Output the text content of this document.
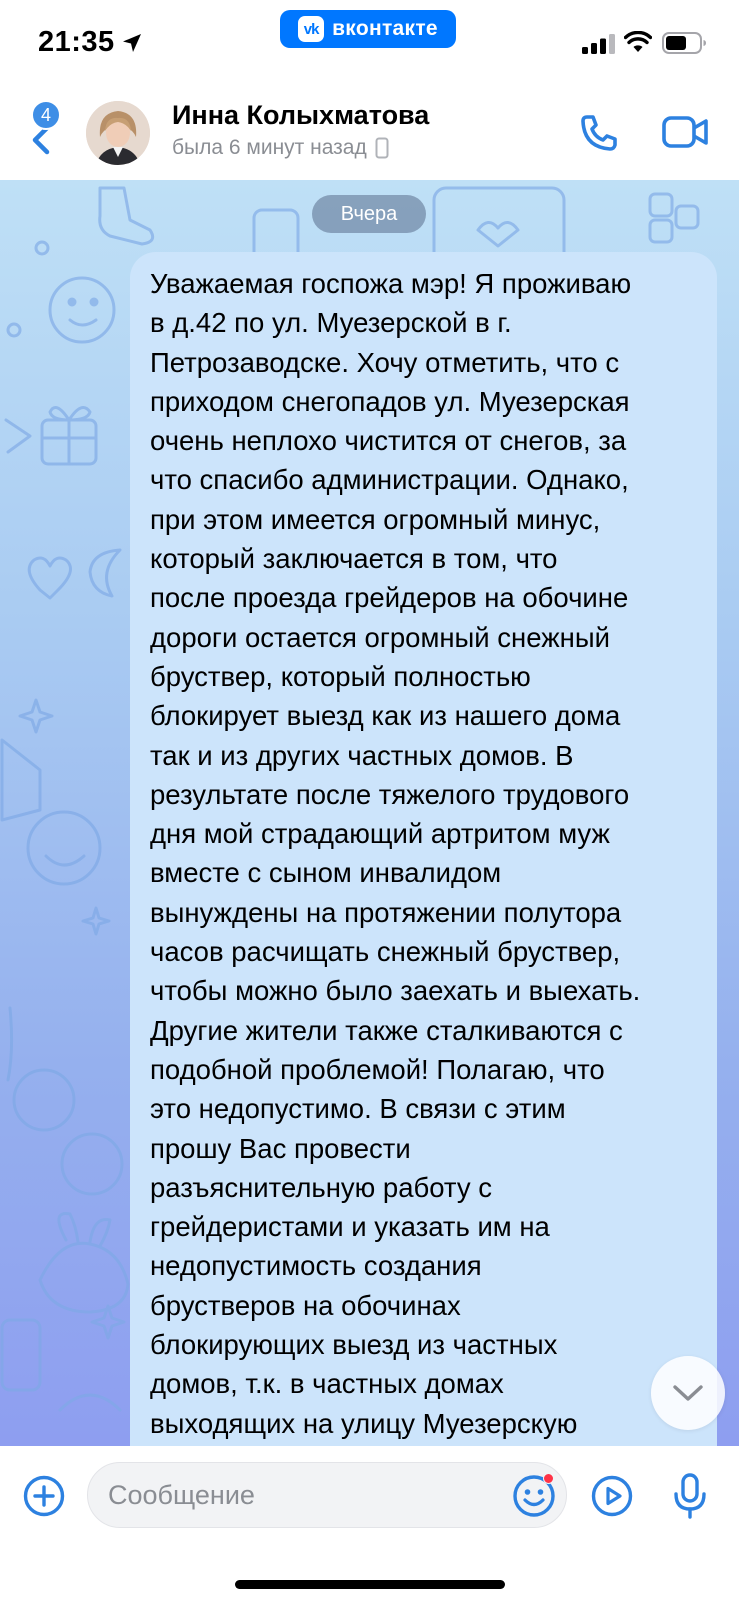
21:35	vk вконтакте
Инна Колыхматова
была 6 минут назад
4
Вчера
Уважаемая госпожа мэр! Я проживаю
в д.42 по ул. Муезерской в г.
Петрозаводске. Хочу отметить, что с
приходом снегопадов ул. Муезерская
очень неплохо чистится от снегов, за
что спасибо администрации. Однако,
при этом имеется огромный минус,
который заключается в том, что
после проезда грейдеров на обочине
дороги остается огромный снежный
бруствер, который полностью
блокирует выезд как из нашего дома
так и из других частных домов. В
результате после тяжелого трудового
дня мой страдающий артритом муж
вместе с сыном инвалидом
вынуждены на протяжении полутора
часов расчищать снежный бруствер,
чтобы можно было заехать и выехать.
Другие жители также сталкиваются с
подобной проблемой! Полагаю, что
это недопустимо. В связи с этим
прошу Вас провести
разъяснительную работу с
грейдеристами и указать им на
недопустимость создания
брустверов на обочинах
блокирующих выезд из частных
домов, т.к. в частных домах
выходящих на улицу Муезерскую
Сообщение
